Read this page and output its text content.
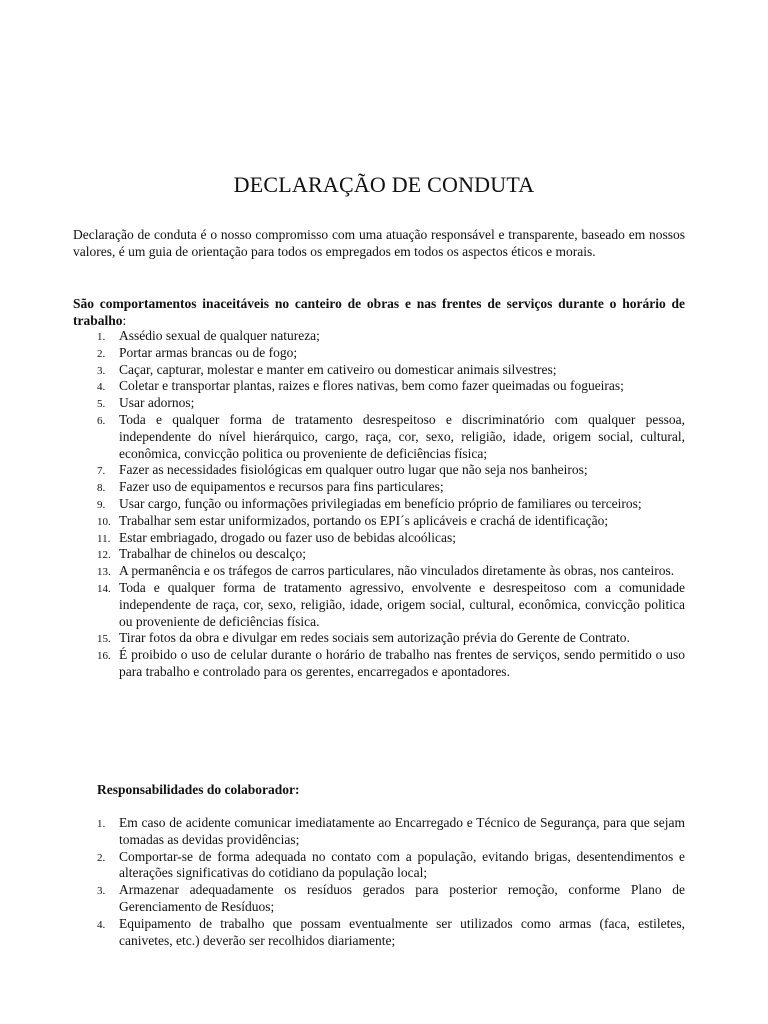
DECLARAÇÃO DE CONDUTA
Declaração de conduta é o nosso compromisso com uma atuação responsável e transparente, baseado em nossos valores, é um guia de orientação para todos os empregados em todos os aspectos éticos e morais.
São comportamentos inaceitáveis no canteiro de obras e nas frentes de serviços durante o horário de trabalho:
1. Assédio sexual de qualquer natureza;
2. Portar armas brancas ou de fogo;
3. Caçar, capturar, molestar e manter em cativeiro ou domesticar animais silvestres;
4. Coletar e transportar plantas, raizes e flores nativas, bem como fazer queimadas ou fogueiras;
5. Usar adornos;
6. Toda e qualquer forma de tratamento desrespeitoso e discriminatório com qualquer pessoa, independente do nível hierárquico, cargo, raça, cor, sexo, religião, idade, origem social, cultural, econômica, convicção politica ou proveniente de deficiências física;
7. Fazer as necessidades fisiológicas em qualquer outro lugar que não seja nos banheiros;
8. Fazer uso de equipamentos e recursos para fins particulares;
9. Usar cargo, função ou informações privilegiadas em benefício próprio de familiares ou terceiros;
10. Trabalhar sem estar uniformizados, portando os EPI´s aplicáveis e crachá de identificação;
11. Estar embriagado, drogado ou fazer uso de bebidas alcoólicas;
12. Trabalhar de chinelos ou descalço;
13. A permanência e os tráfegos de carros particulares, não vinculados diretamente às obras, nos canteiros.
14. Toda e qualquer forma de tratamento agressivo, envolvente e desrespeitoso com a comunidade independente de raça, cor, sexo, religião, idade, origem social, cultural, econômica, convicção politica ou proveniente de deficiências física.
15. Tirar fotos da obra e divulgar em redes sociais sem autorização prévia do Gerente de Contrato.
16. É proibido o uso de celular durante o horário de trabalho nas frentes de serviços, sendo permitido o uso para trabalho e controlado para os gerentes, encarregados e apontadores.
Responsabilidades do colaborador:
1. Em caso de acidente comunicar imediatamente ao Encarregado e Técnico de Segurança, para que sejam tomadas as devidas providências;
2. Comportar-se de forma adequada no contato com a população, evitando brigas, desentendimentos e alterações significativas do cotidiano da população local;
3. Armazenar adequadamente os resíduos gerados para posterior remoção, conforme Plano de Gerenciamento de Resíduos;
4. Equipamento de trabalho que possam eventualmente ser utilizados como armas (faca, estiletes, canivetes, etc.) deverão ser recolhidos diariamente;
